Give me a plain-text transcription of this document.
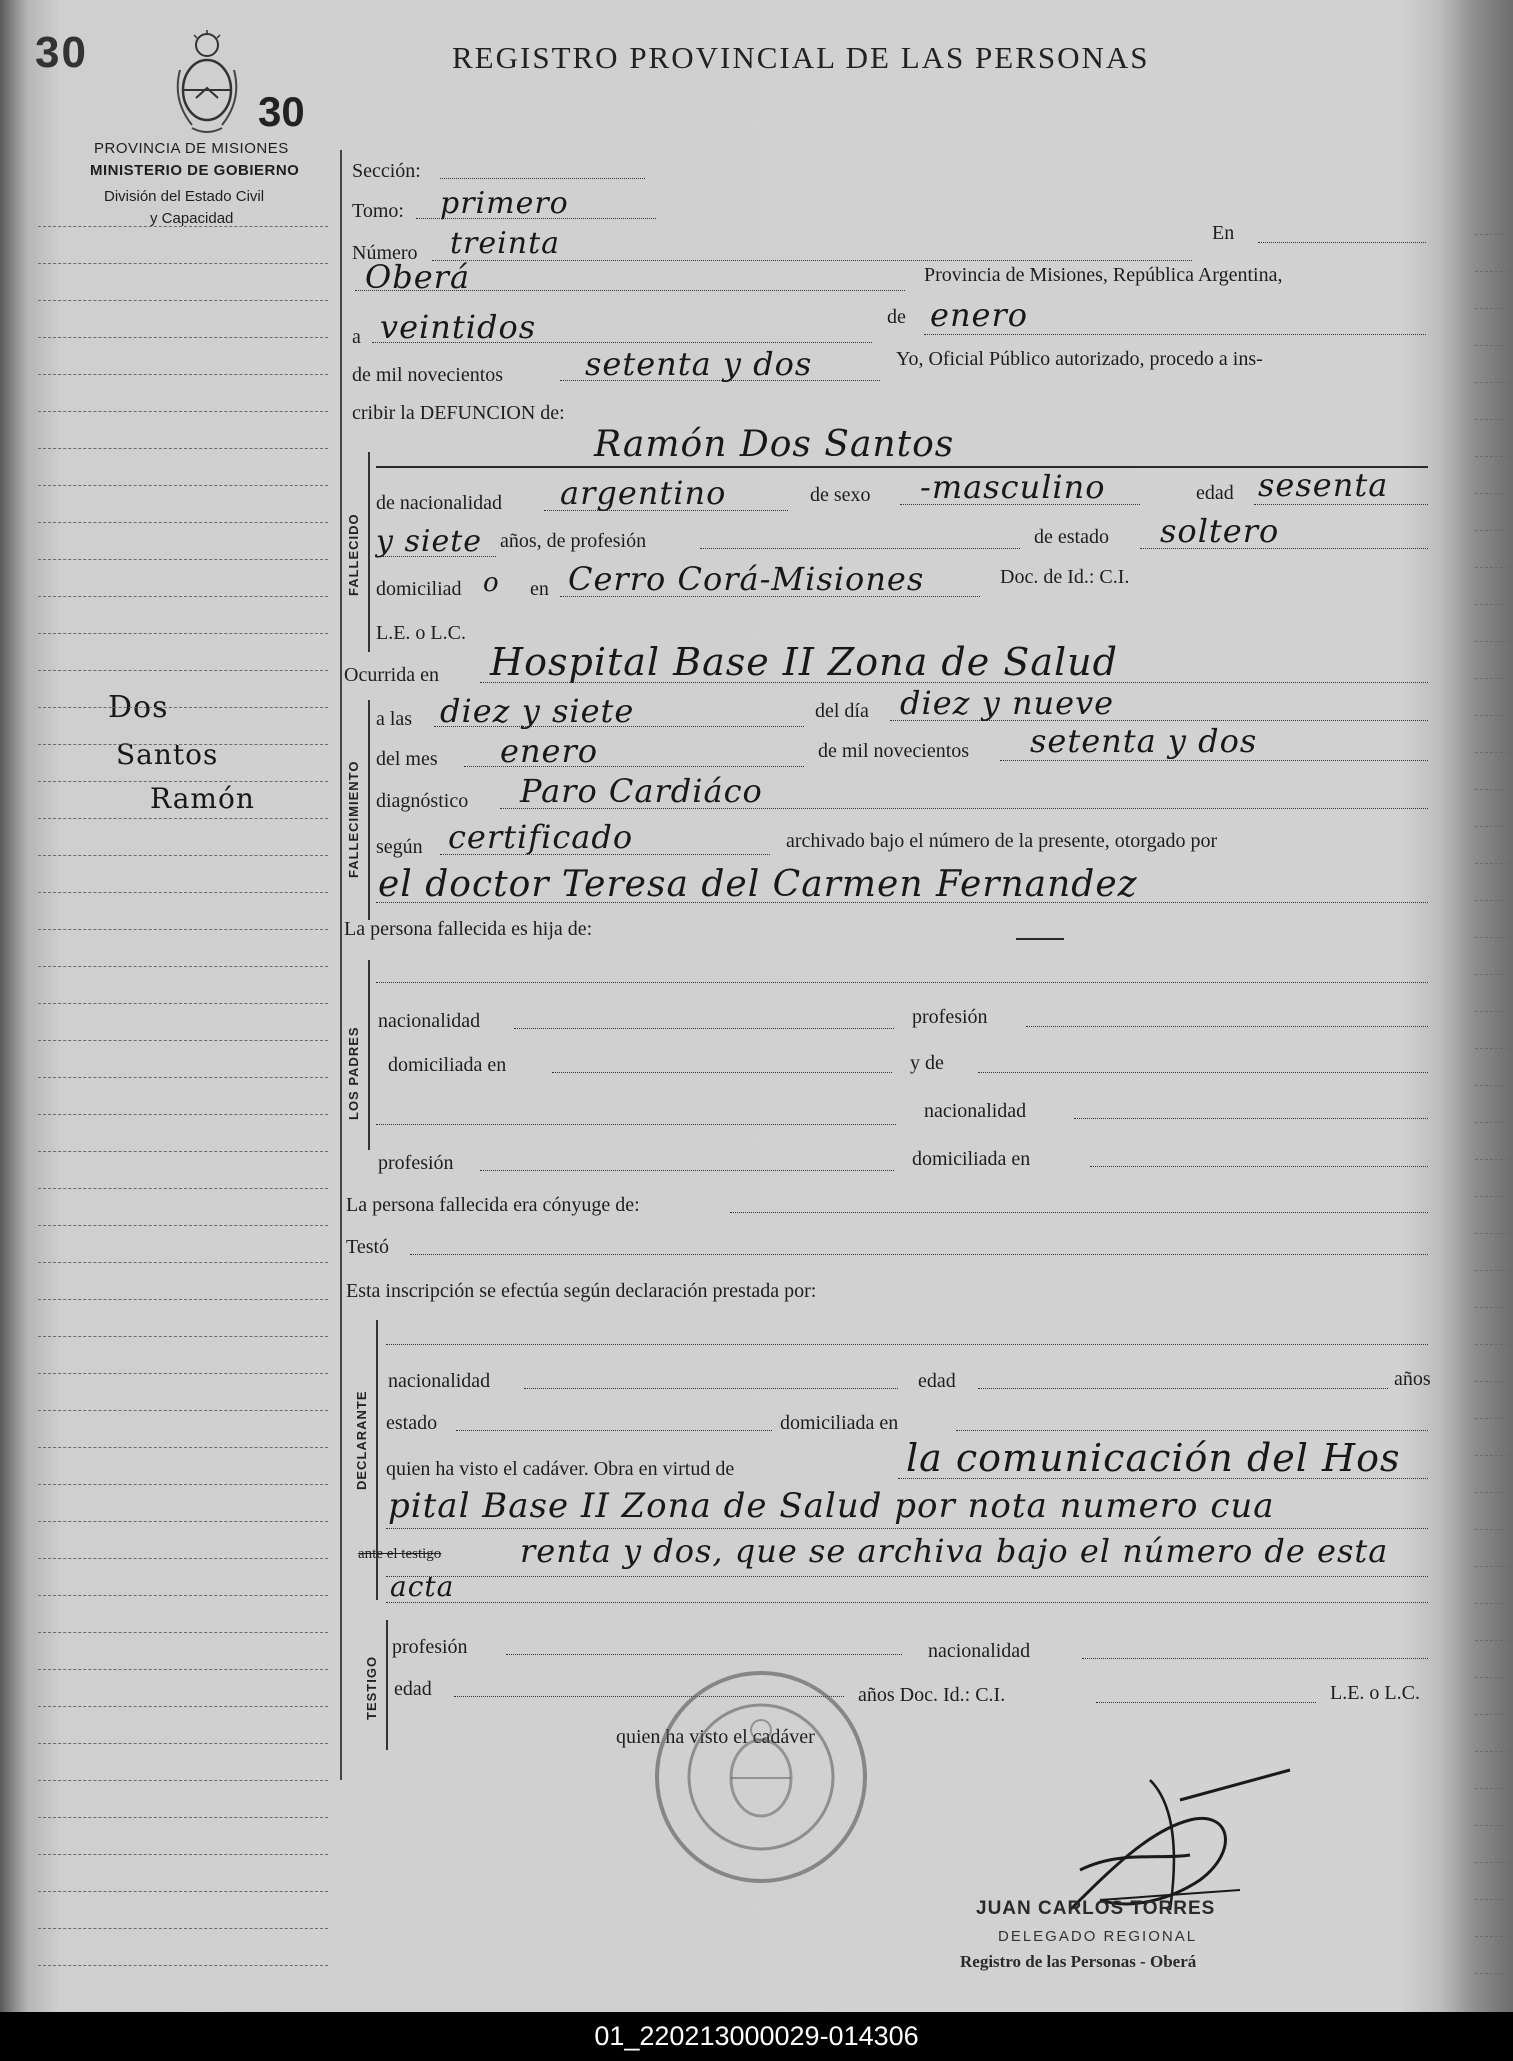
30
30
PROVINCIA DE MISIONES
MINISTERIO DE GOBIERNO
División del Estado Civil
y Capacidad
REGISTRO PROVINCIAL DE LAS PERSONAS
Sección:
Tomo: primero
Número treinta	En
Oberá	Provincia de Misiones, República Argentina,
a veintidos	de enero
de mil novecientos	setenta y dos	Yo, Oficial Público autorizado, procedo a ins-
cribir la DEFUNCION de:
Ramón Dos Santos
FALLECIDO
de nacionalidad argentino	de sexo -masculino	edad sesenta
y siete años, de profesión	de estado soltero
domiciliad o en Cerro Corá-Misiones	Doc. de Id.: C.I.
L.E. o L.C.
Ocurrida en Hospital Base II Zona de Salud
FALLECIMIENTO
a las diez y siete	del día diez y nueve
del mes enero	de mil novecientos setenta y dos
diagnóstico Paro Cardiáco
según certificado	archivado bajo el número de la presente, otorgado por
el doctor Teresa del Carmen Fernandez
La persona fallecida es hija de:
LOS PADRES
nacionalidad	profesión
domiciliada en	y de
nacionalidad
profesión	domiciliada en
La persona fallecida era cónyuge de:
Testó
Esta inscripción se efectúa según declaración prestada por:
DECLARANTE
nacionalidad	edad	años
estado	domiciliada en
quien ha visto el cadáver. Obra en virtud de	la comunicación del Hos
pital Base II Zona de Salud por nota numero cua
ante el testigo renta y dos, que se archiva bajo el número de esta
acta
TESTIGO
profesión	nacionalidad
edad	años Doc. Id.: C.I.	L.E. o L.C.
quien ha visto el cadáver
Dos
Santos
Ramón
JUAN CARLOS TORRES
DELEGADO REGIONAL
Registro de las Personas - Oberá
01_220213000029-014306
